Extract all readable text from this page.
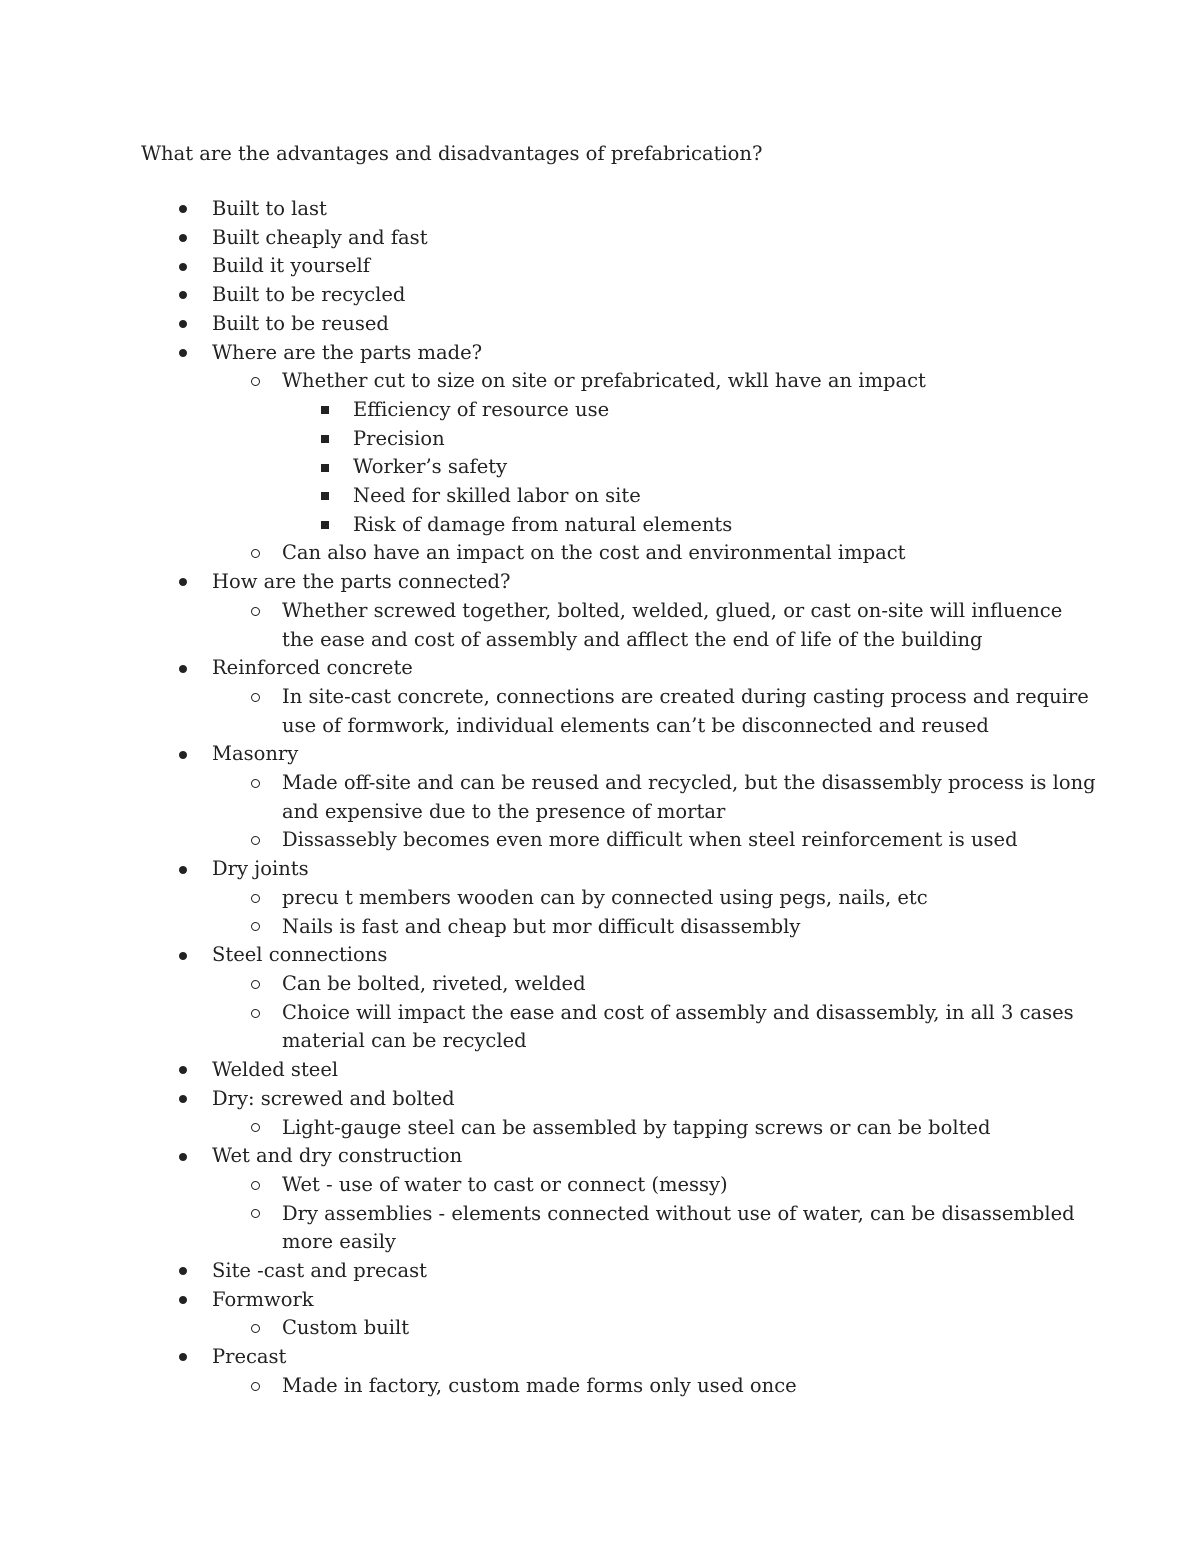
What are the advantages and disadvantages of prefabrication?
Built to last
Built cheaply and fast
Build it yourself
Built to be recycled
Built to be reused
Where are the parts made?
Whether cut to size on site or prefabricated, wkll have an impact
Efficiency of resource use
Precision
Worker’s safety
Need for skilled labor on site
Risk of damage from natural elements
Can also have an impact on the cost and environmental impact
How are the parts connected?
Whether screwed together, bolted, welded, glued, or cast on-site will influence
the ease and cost of assembly and afflect the end of life of the building
Reinforced concrete
In site-cast concrete, connections are created during casting process and require
use of formwork, individual elements can’t be disconnected and reused
Masonry
Made off-site and can be reused and recycled, but the disassembly process is long
and expensive due to the presence of mortar
Dissassebly becomes even more difficult when steel reinforcement is used
Dry joints
precu t members wooden can by connected using pegs, nails, etc
Nails is fast and cheap but mor difficult disassembly
Steel connections
Can be bolted, riveted, welded
Choice will impact the ease and cost of assembly and disassembly, in all 3 cases
material can be recycled
Welded steel
Dry: screwed and bolted
Light-gauge steel can be assembled by tapping screws or can be bolted
Wet and dry construction
Wet - use of water to cast or connect (messy)
Dry assemblies - elements connected without use of water, can be disassembled
more easily
Site -cast and precast
Formwork
Custom built
Precast
Made in factory, custom made forms only used once
